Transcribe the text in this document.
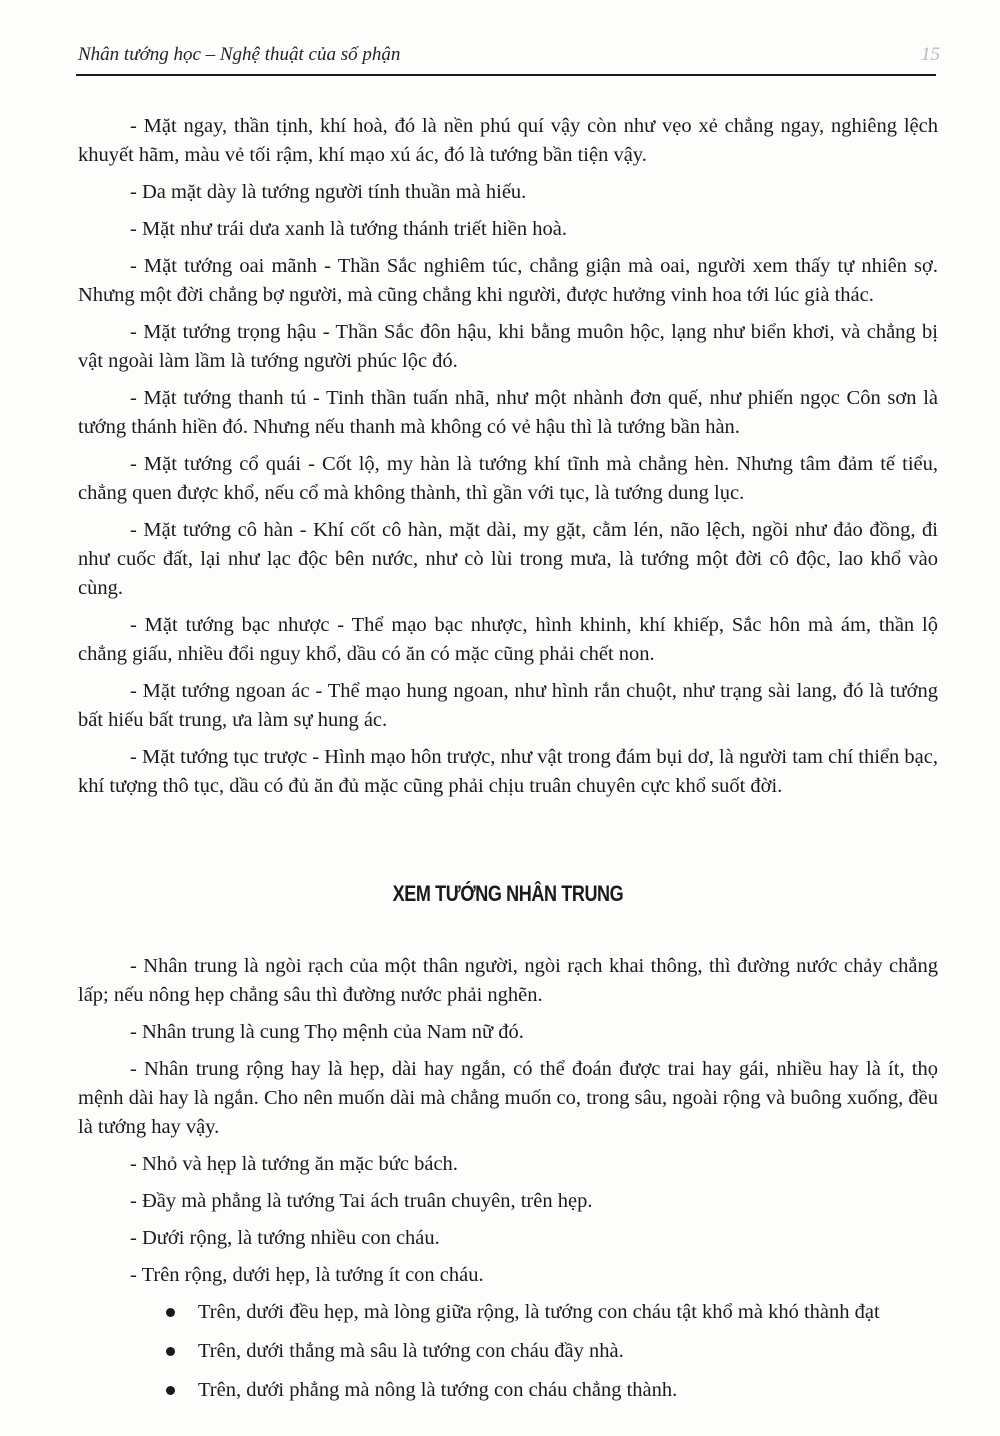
Nhân tướng học – Nghệ thuật của số phận	15

- Mặt ngay, thần tịnh, khí hoà, đó là nền phú quí vậy còn như vẹo xẻ chẳng ngay, nghiêng lệch khuyết hãm, màu vẻ tối rậm, khí mạo xú ác, đó là tướng bần tiện vậy.

- Da mặt dày là tướng người tính thuần mà hiếu.

- Mặt như trái dưa xanh là tướng thánh triết hiền hoà.

- Mặt tướng oai mãnh - Thần Sắc nghiêm túc, chẳng giận mà oai, người xem thấy tự nhiên sợ. Nhưng một đời chẳng bợ người, mà cũng chẳng khi người, được hưởng vinh hoa tới lúc già thác.

- Mặt tướng trọng hậu - Thần Sắc đôn hậu, khi bằng muôn hộc, lạng như biển khơi, và chẳng bị vật ngoài làm lầm là tướng người phúc lộc đó.

- Mặt tướng thanh tú - Tinh thần tuấn nhã, như một nhành đơn quế, như phiến ngọc Côn sơn là tướng thánh hiền đó. Nhưng nếu thanh mà không có vẻ hậu thì là tướng bần hàn.

- Mặt tướng cổ quái - Cốt lộ, my hàn là tướng khí tĩnh mà chẳng hèn. Nhưng tâm đảm tế tiểu, chẳng quen được khổ, nếu cổ mà không thành, thì gần với tục, là tướng dung lục.

- Mặt tướng cô hàn - Khí cốt cô hàn, mặt dài, my gặt, cằm lén, não lệch, ngồi như đảo đồng, đi như cuốc đất, lại như lạc độc bên nước, như cò lùi trong mưa, là tướng một đời cô độc, lao khổ vào cùng.

- Mặt tướng bạc nhược - Thể mạo bạc nhược, hình khinh, khí khiếp, Sắc hôn mà ám, thần lộ chẳng giấu, nhiều đổi nguy khổ, dầu có ăn có mặc cũng phải chết non.

- Mặt tướng ngoan ác - Thể mạo hung ngoan, như hình rắn chuột, như trạng sài lang, đó là tướng bất hiếu bất trung, ưa làm sự hung ác.

- Mặt tướng tục trược - Hình mạo hôn trược, như vật trong đám bụi dơ, là người tam chí thiển bạc, khí tượng thô tục, dầu có đủ ăn đủ mặc cũng phải chịu truân chuyên cực khổ suốt đời.

XEM TƯỚNG NHÂN TRUNG

- Nhân trung là ngòi rạch của một thân người, ngòi rạch khai thông, thì đường nước chảy chẳng lấp; nếu nông hẹp chẳng sâu thì đường nước phải nghẽn.

- Nhân trung là cung Thọ mệnh của Nam nữ đó.

- Nhân trung rộng hay là hẹp, dài hay ngắn, có thể đoán được trai hay gái, nhiều hay là ít, thọ mệnh dài hay là ngắn. Cho nên muốn dài mà chẳng muốn co, trong sâu, ngoài rộng và buông xuống, đều là tướng hay vậy.

- Nhỏ và hẹp là tướng ăn mặc bức bách.

- Đầy mà phẳng là tướng Tai ách truân chuyên, trên hẹp.

- Dưới rộng, là tướng nhiều con cháu.

- Trên rộng, dưới hẹp, là tướng ít con cháu.

Trên, dưới đều hẹp, mà lòng giữa rộng, là tướng con cháu tật khổ mà khó thành đạt
Trên, dưới thẳng mà sâu là tướng con cháu đầy nhà.
Trên, dưới phẳng mà nông là tướng con cháu chẳng thành.
